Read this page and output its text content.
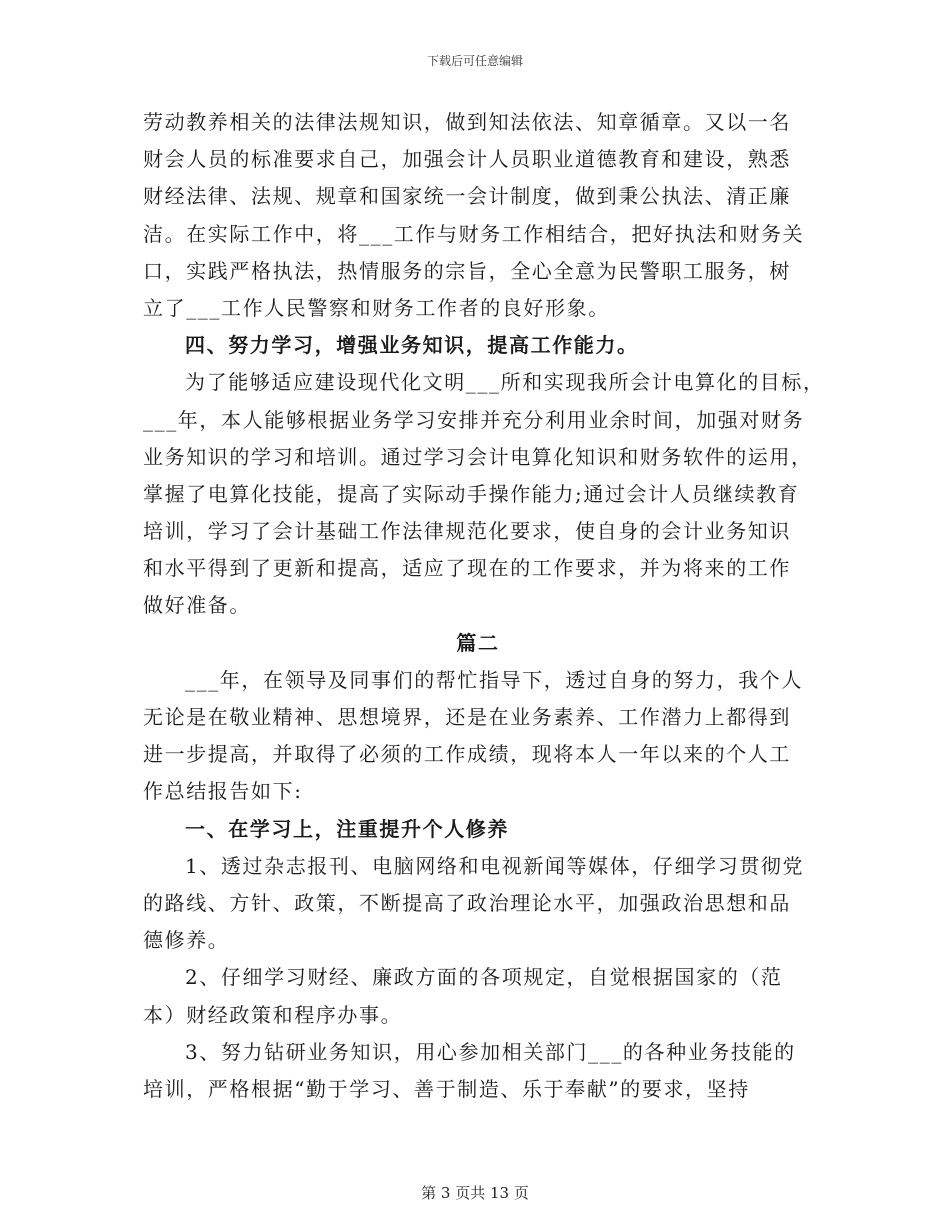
下载后可任意编辑
劳动教养相关的法律法规知识，做到知法依法、知章循章。又以一名
财会人员的标准要求自己，加强会计人员职业道德教育和建设，熟悉
财经法律、法规、规章和国家统一会计制度，做到秉公执法、清正廉
洁。在实际工作中，将___工作与财务工作相结合，把好执法和财务关
口，实践严格执法，热情服务的宗旨，全心全意为民警职工服务，树
立了___工作人民警察和财务工作者的良好形象。
四、努力学习，增强业务知识，提高工作能力。
为了能够适应建设现代化文明___所和实现我所会计电算化的目标，
___年，本人能够根据业务学习安排并充分利用业余时间，加强对财务
业务知识的学习和培训。通过学习会计电算化知识和财务软件的运用，
掌握了电算化技能，提高了实际动手操作能力;通过会计人员继续教育
培训，学习了会计基础工作法律规范化要求，使自身的会计业务知识
和水平得到了更新和提高，适应了现在的工作要求，并为将来的工作
做好准备。
篇二
___年，在领导及同事们的帮忙指导下，透过自身的努力，我个人
无论是在敬业精神、思想境界，还是在业务素养、工作潜力上都得到
进一步提高，并取得了必须的工作成绩，现将本人一年以来的个人工
作总结报告如下:
一、在学习上，注重提升个人修养
1、透过杂志报刊、电脑网络和电视新闻等媒体，仔细学习贯彻党
的路线、方针、政策，不断提高了政治理论水平，加强政治思想和品
德修养。
2、仔细学习财经、廉政方面的各项规定，自觉根据国家的（范
本）财经政策和程序办事。
3、努力钻研业务知识，用心参加相关部门___的各种业务技能的
培训，严格根据“勤于学习、善于制造、乐于奉献”的要求，坚持
第 3 页共 13 页
